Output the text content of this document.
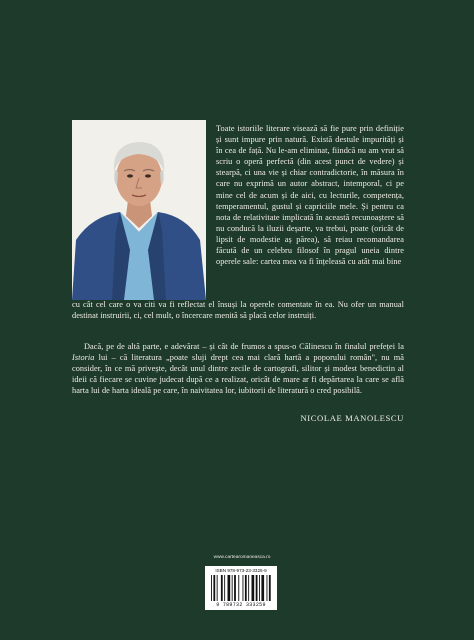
Toate istoriile literare visează să fie pure prin definiție și sunt impure prin natură. Există destule impurități și în cea de față. Nu le-am eliminat, fiindcă nu am vrut să scriu o operă perfectă (din acest punct de vedere) și stearpă, ci una vie și chiar contradictorie, în măsura în care nu exprimă un autor abstract, intemporal, ci pe mine cel de acum și de aici, cu lecturile, competența, temperamentul, gustul și capriciile mele. Și pentru ca nota de relativitate implicată în această recunoaștere să nu conducă la iluzii deșarte, va trebui, poate (oricât de lipsit de modestie aș părea), să reiau recomandarea făcută de un celebru filosof în pragul uneia dintre operele sale: cartea mea va fi înțeleasă cu atât mai bine
cu cât cel care o va citi va fi reflectat el însuși la operele comentate în ea. Nu ofer un manual destinat instruirii, ci, cel mult, o încercare menită să placă celor instruiți.
Dacă, pe de altă parte, e adevărat – și cât de frumos a spus-o Călinescu în finalul prefeței la Istoria lui – că literatura „poate sluji drept cea mai clară hartă a poporului român", nu mă consider, în ce mă privește, decât unul dintre zecile de cartografi, silitor și modest benedictin al ideii că fiecare se cuvine judecat după ce a realizat, oricât de mare ar fi depărtarea la care se află harta lui de harta ideală pe care, în naivitatea lor, iubitorii de literatură o cred posibilă.
NICOLAE MANOLESCU
www.cartearomaneasca.ro
ISBN 978-973-23-3325-9
9 789732 333259
